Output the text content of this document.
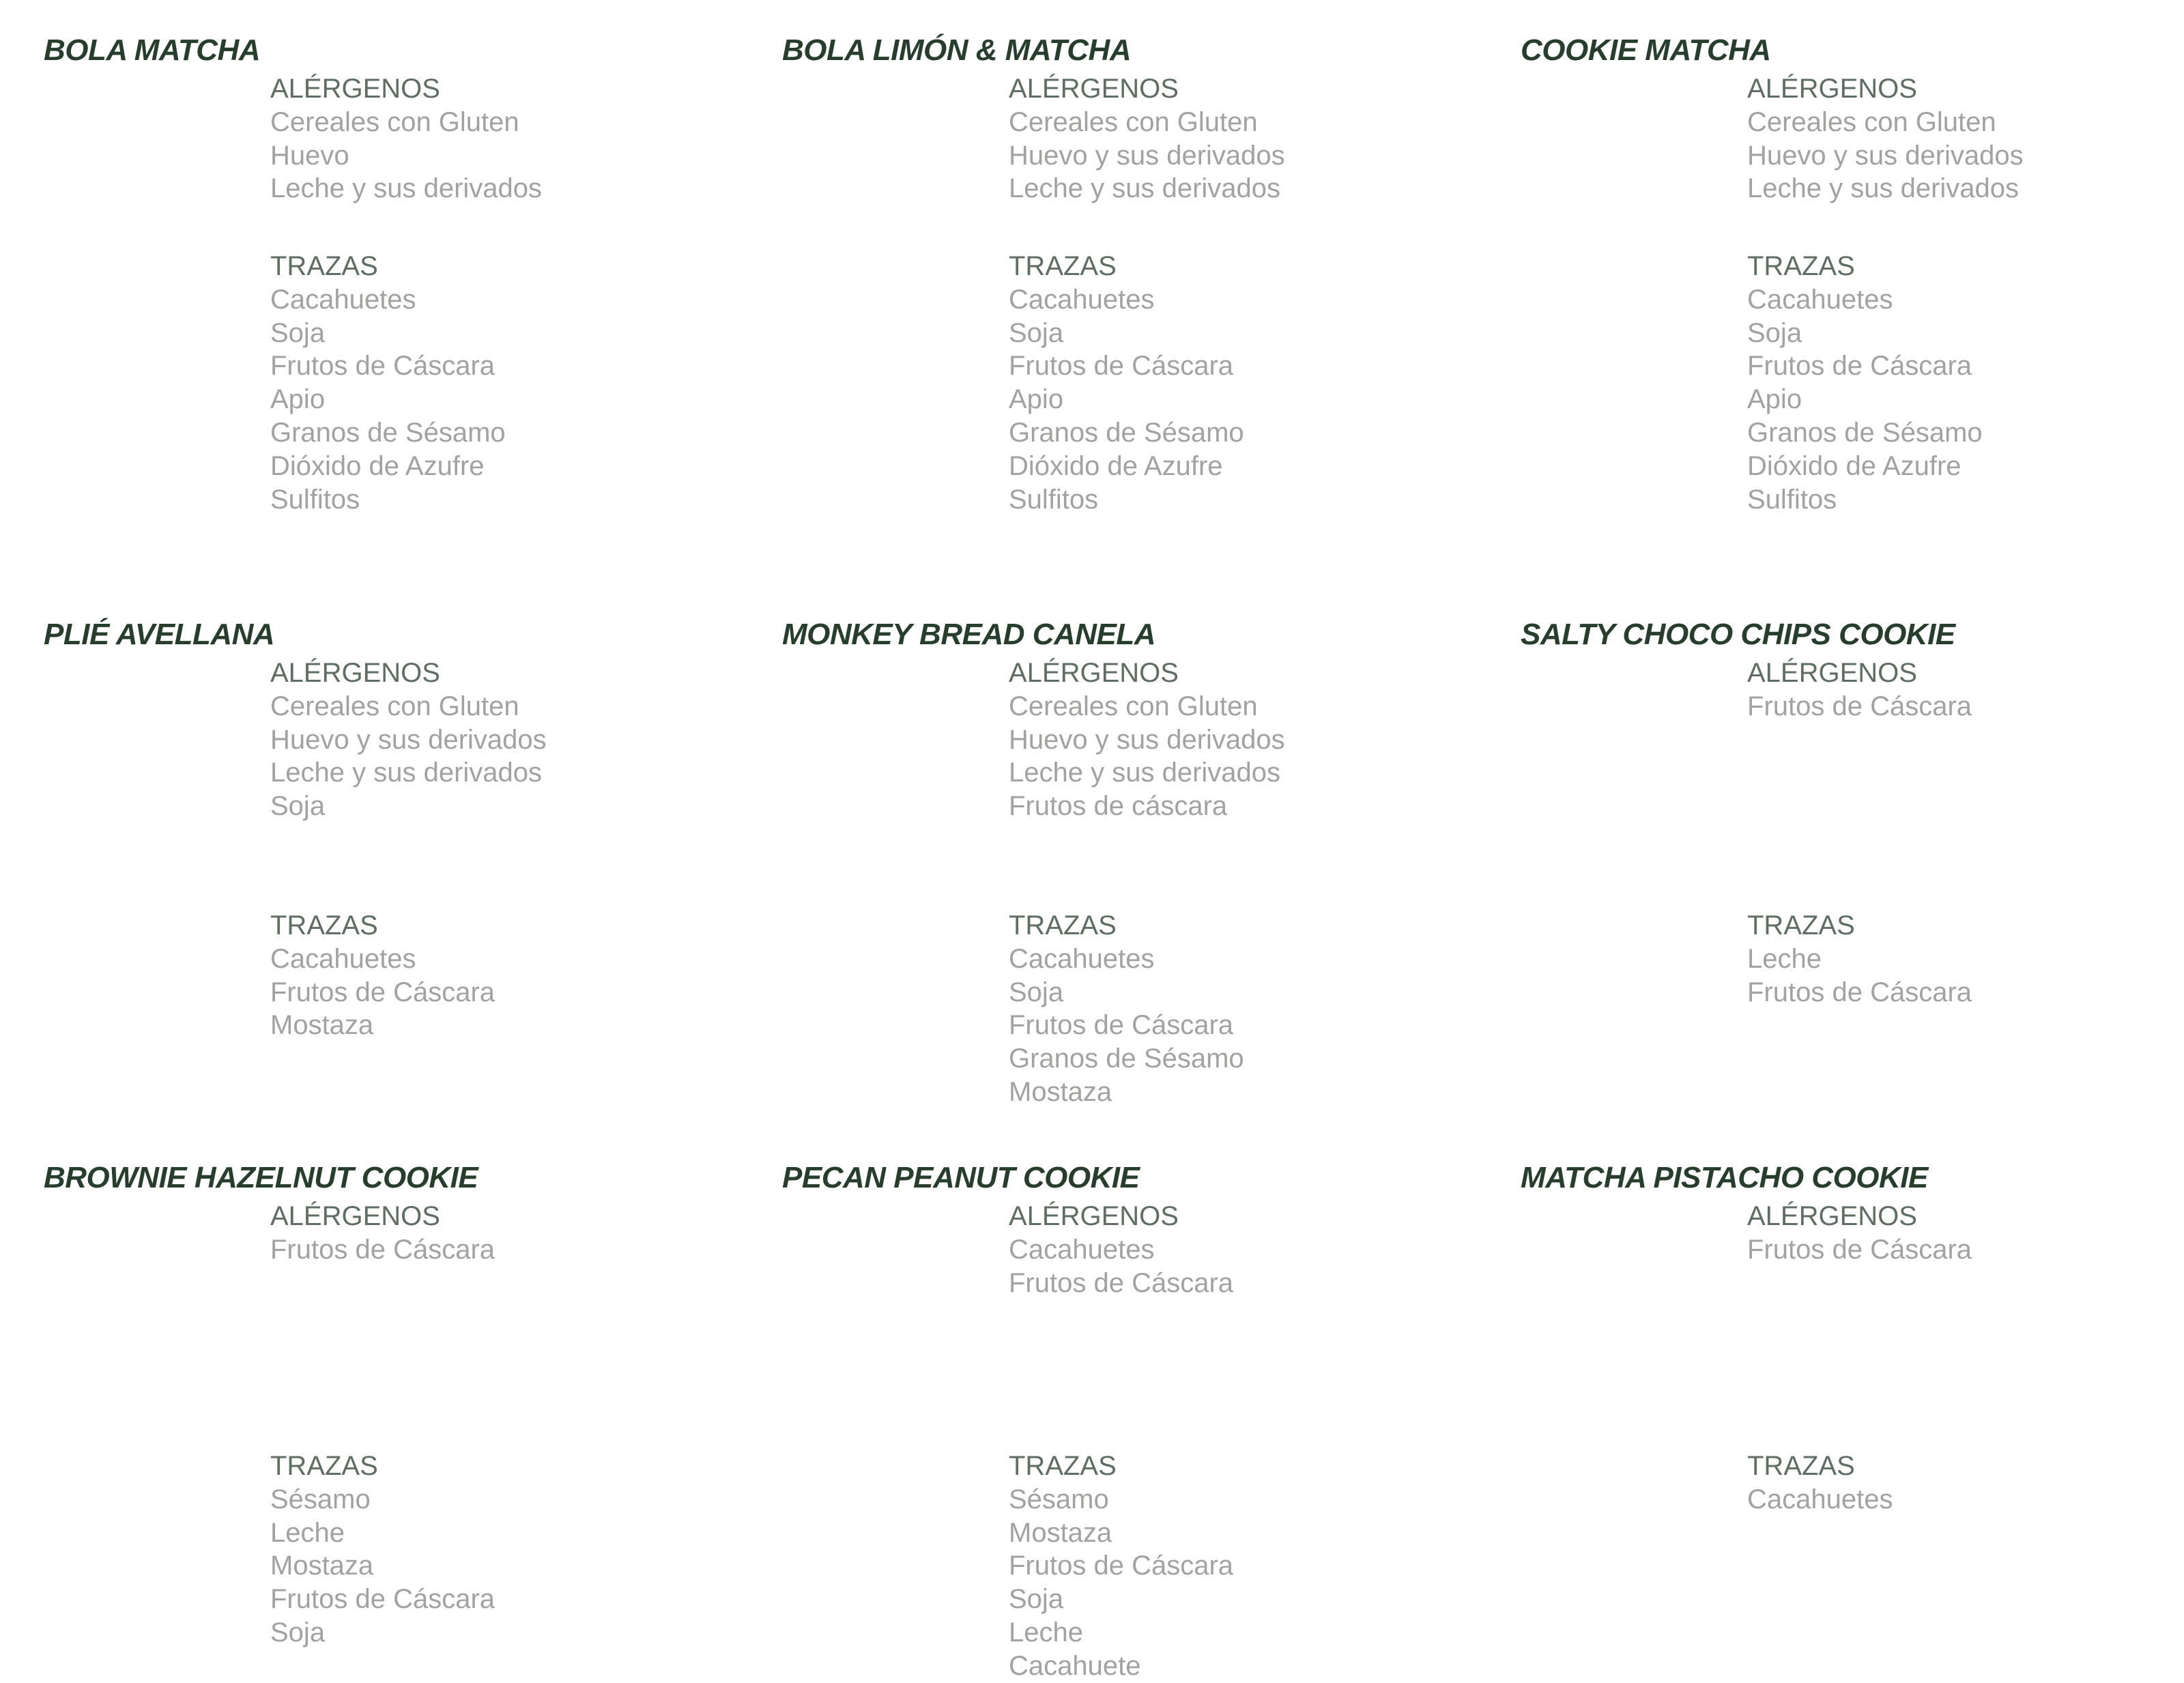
BOLA MATCHA
ALÉRGENOS
Cereales con Gluten
Huevo
Leche y sus derivados
TRAZAS
Cacahuetes
Soja
Frutos de Cáscara
Apio
Granos de Sésamo
Dióxido de Azufre
Sulfitos
BOLA LIMÓN & MATCHA
ALÉRGENOS
Cereales con Gluten
Huevo y sus derivados
Leche y sus derivados
TRAZAS
Cacahuetes
Soja
Frutos de Cáscara
Apio
Granos de Sésamo
Dióxido de Azufre
Sulfitos
COOKIE MATCHA
ALÉRGENOS
Cereales con Gluten
Huevo y sus derivados
Leche y sus derivados
TRAZAS
Cacahuetes
Soja
Frutos de Cáscara
Apio
Granos de Sésamo
Dióxido de Azufre
Sulfitos
PLIÉ AVELLANA
ALÉRGENOS
Cereales con Gluten
Huevo y sus derivados
Leche y sus derivados
Soja
TRAZAS
Cacahuetes
Frutos de Cáscara
Mostaza
MONKEY BREAD CANELA
ALÉRGENOS
Cereales con Gluten
Huevo y sus derivados
Leche y sus derivados
Frutos de cáscara
TRAZAS
Cacahuetes
Soja
Frutos de Cáscara
Granos de Sésamo
Mostaza
SALTY CHOCO CHIPS COOKIE
ALÉRGENOS
Frutos de Cáscara
TRAZAS
Leche
Frutos de Cáscara
BROWNIE HAZELNUT COOKIE
ALÉRGENOS
Frutos de Cáscara
TRAZAS
Sésamo
Leche
Mostaza
Frutos de Cáscara
Soja
PECAN PEANUT COOKIE
ALÉRGENOS
Cacahuetes
Frutos de Cáscara
TRAZAS
Sésamo
Mostaza
Frutos de Cáscara
Soja
Leche
Cacahuete
MATCHA PISTACHO COOKIE
ALÉRGENOS
Frutos de Cáscara
TRAZAS
Cacahuetes
